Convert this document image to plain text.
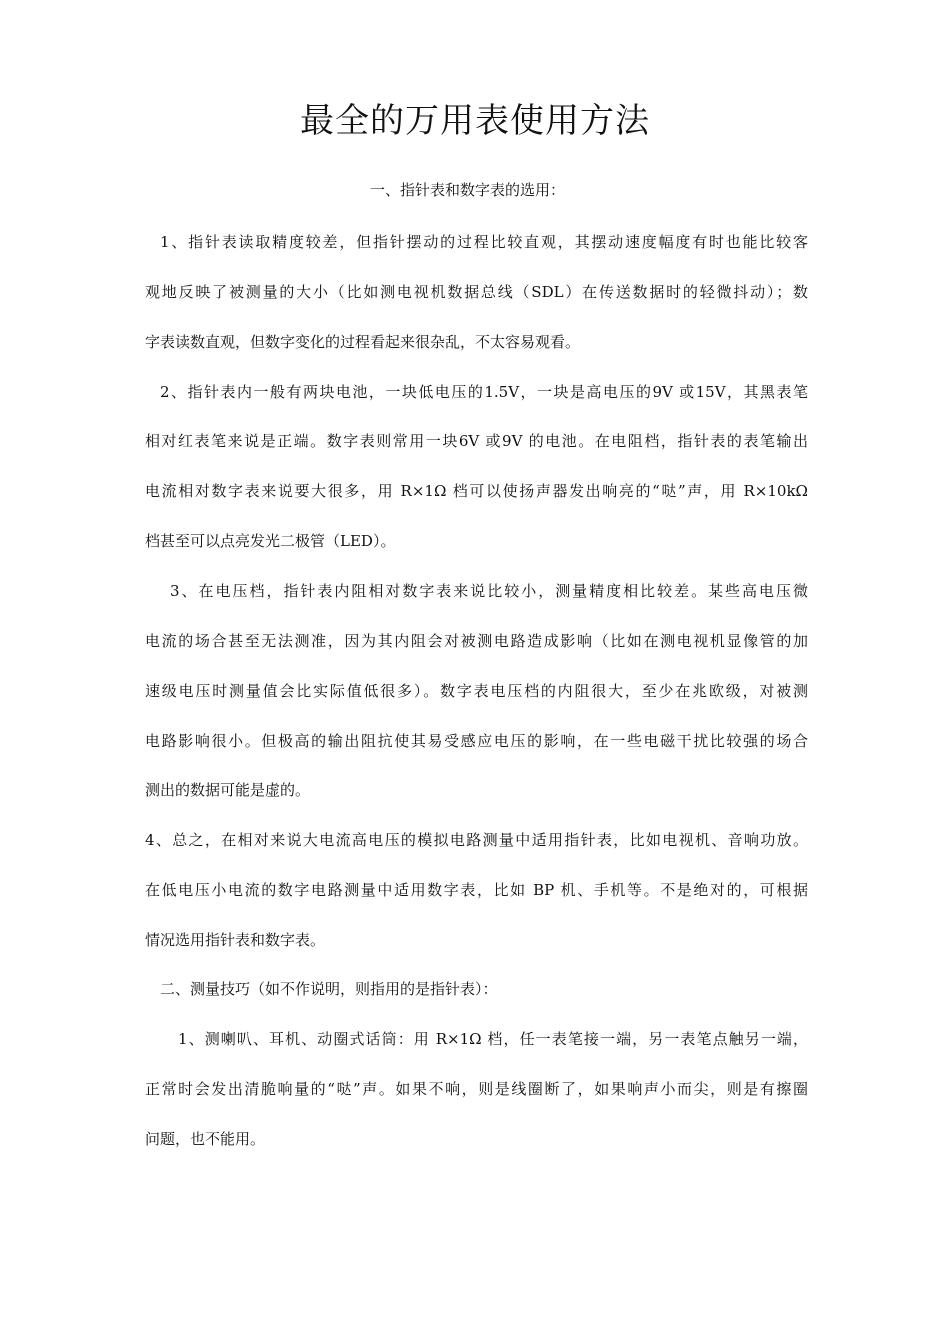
最全的万用表使用方法
一、指针表和数字表的选用：
1、指针表读取精度较差，但指针摆动的过程比较直观，其摆动速度幅度有时也能比较客
观地反映了被测量的大小（比如测电视机数据总线（SDL）在传送数据时的轻微抖动）；数
字表读数直观，但数字变化的过程看起来很杂乱，不太容易观看。
2、指针表内一般有两块电池，一块低电压的1.5V，一块是高电压的9V 或15V，其黑表笔
相对红表笔来说是正端。数字表则常用一块6V 或9V 的电池。在电阻档，指针表的表笔输出
电流相对数字表来说要大很多，用 R×1Ω 档可以使扬声器发出响亮的“哒”声，用 R×10kΩ
档甚至可以点亮发光二极管（LED）。
3、在电压档，指针表内阻相对数字表来说比较小，测量精度相比较差。某些高电压微
电流的场合甚至无法测准，因为其内阻会对被测电路造成影响（比如在测电视机显像管的加
速级电压时测量值会比实际值低很多）。数字表电压档的内阻很大，至少在兆欧级，对被测
电路影响很小。但极高的输出阻抗使其易受感应电压的影响，在一些电磁干扰比较强的场合
测出的数据可能是虚的。
4、总之，在相对来说大电流高电压的模拟电路测量中适用指针表，比如电视机、音响功放。
在低电压小电流的数字电路测量中适用数字表，比如 BP 机、手机等。不是绝对的，可根据
情况选用指针表和数字表。
二、测量技巧（如不作说明，则指用的是指针表）：
1、测喇叭、耳机、动圈式话筒：用 R×1Ω 档，任一表笔接一端，另一表笔点触另一端，
正常时会发出清脆响量的“哒”声。如果不响，则是线圈断了，如果响声小而尖，则是有擦圈
问题，也不能用。
